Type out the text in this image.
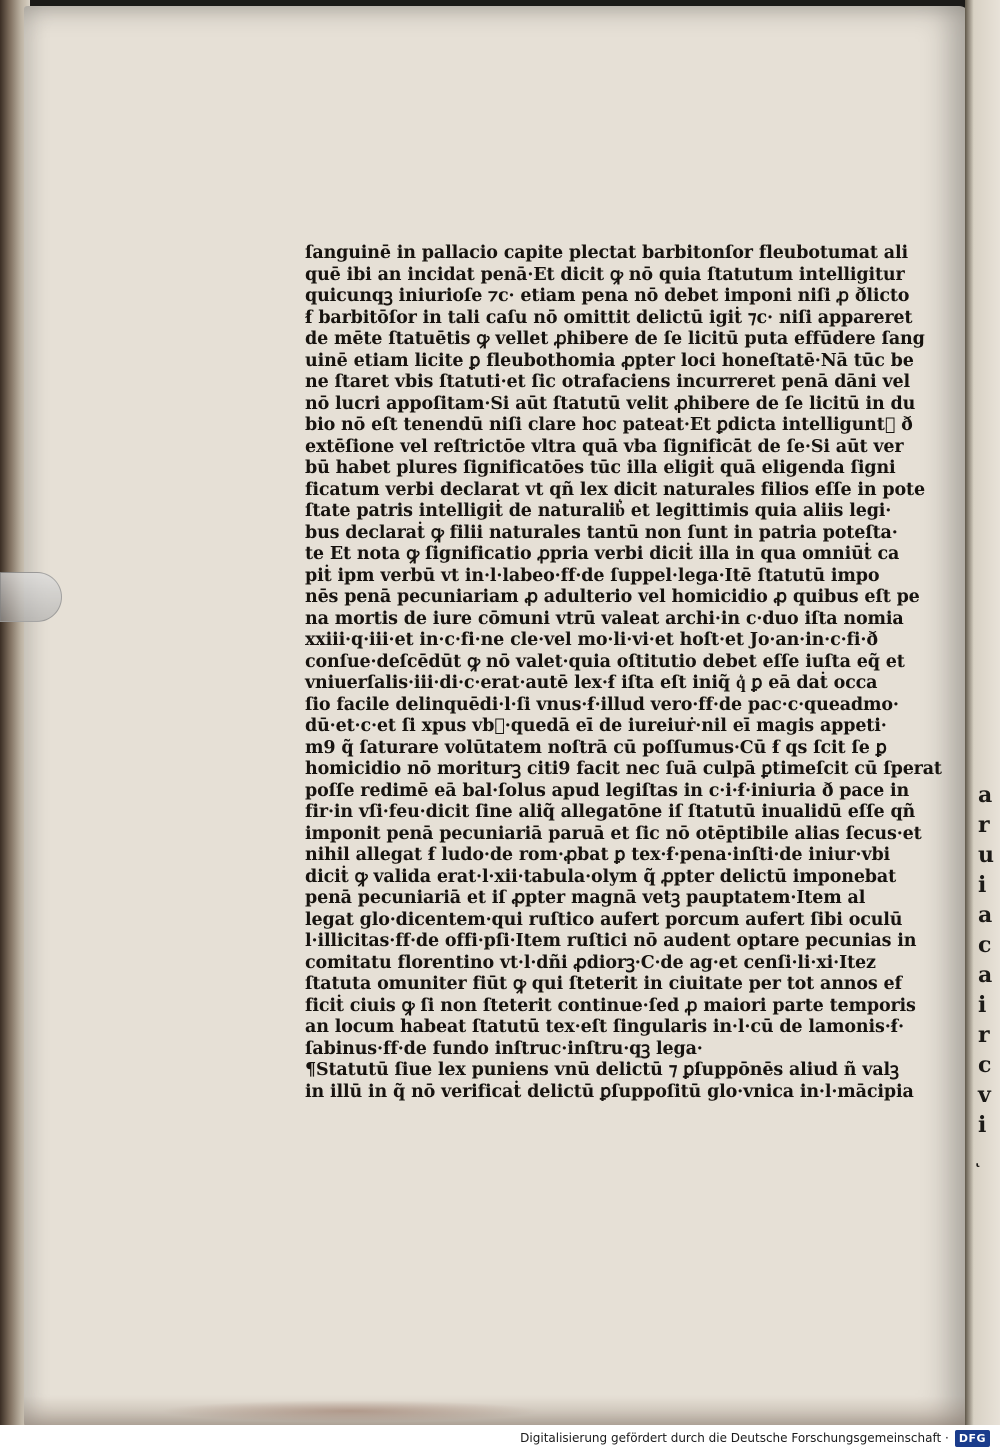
a
r
u
i
a
c
a
i
r
c
v
i
ſanguinē in pallacio capite plectat barbitonſor fleubotumat ali
quē ibi an incidat penā·Et dicit ꝙ nō quia ſtatutum intelligitur
quicunqꝫ iniurioſe ⁊c· etiam pena nō debet imponi niſi ꝓ ðlicto
ẜ barbitōſor in tali caſu nō omittit delictū igiṫ ⁊c· niſi appareret
de mēte ſtatuētis ꝙ vellet ꝓhibere de ſe licitū puta effūdere ſang
uinē etiam licite ꝑ fleubothomia ꝓpter loci honeſtatē·Nā tūc be
ne ſtaret vbis ſtatuti·et ſic otrafaciens incurreret penā dāni vel
nō lucri appoſitam·Si aūt ſtatutū velit ꝓhibere de ſe licitū in du
bio nō eſt tenendū niſi clare hoc pateat·Et ꝑdicta intelliguntᷣ ð
extēſione vel reſtrictōe vltra quā vba ſignificāt de ſe·Si aūt ver
bū habet plures ſignificatōes tūc illa eligiṫ quā eligenda ſigni
ficatum verbi declarat vt qñ lex dicit naturales filios eſſe in pote
ſtate patris intelligiṫ de naturalib͛ et legittimis quia aliis legi·
bus declaraṫ ꝙ filii naturales tantū non ſunt in patria poteſta·
te Et nota ꝙ ſignificatio ꝓpria verbi diciṫ illa in qua omniūṫ ca
piṫ ipm verbū vt in·l·labeo·ff·de ſuppel·lega·Itē ſtatutū impo
nēs penā pecuniariam ꝓ adulterio vel homicidio ꝓ quibus eſt pe
na mortis de iure cōmuni vtrū valeat archi·in c·duo iſta nomia
xxiii·q·iii·et in·c·fi·ne cle·vel mo·li·vi·et hoſt·et Jo·an·in·c·fi·ð
conſue·deſcēdūt ꝙ nō valet·quia oſtitutio debet eſſe iuſta eq̃ et
vniuerſalis·iii·di·c·erat·autē lex·ẜ iſta eſt iniq̃ q͛ ꝑ eā daṫ occa
ſio facile delinquēdi·l·ſi vnus·ẜ·illud vero·ff·de pac·c·queadmo·
dū·et·c·et ſi xpus vbᷣ·quedā eī de iureiuṙ·nil eī magis appeti·
m9 q̃ ſaturare volūtatem noſtrā cū poſſumus·Cū ẜ qs ſcit ſe ꝑ
homicidio nō moriturꝫ citi9 facit nec ſuā culpā ꝑtimeſcit cū ſperat
poſſe redimē eā bal·ſolus apud legiſtas in c·i·ẜ·iniuria ð pace in
fir·in vſi·feu·dicit ſine aliq̃ allegatōne iſ ſtatutū inualidū eſſe qñ
imponit penā pecuniariā paruā et ſic nō otēptibile alias ſecus·et
nihil allegat ẜ ludo·de rom·ꝓbat ꝑ tex·ẜ·pena·inſti·de iniur·vbi
diciṫ ꝙ valida erat·l·xii·tabula·olym q̃ ꝓpter delictū imponebat
penā pecuniariā et iſ ꝓpter magnā vetꝫ pauptatem·Item al
legat glo·dicentem·qui ruſtico aufert porcum aufert ſibi oculū
l·illicitas·ff·de offi·pſi·Item ruſtici nō audent optare pecunias in
comitatu florentino vt·l·dñi ꝓdiorꝫ·C·de ag·et cenſi·li·xi·Itez
ſtatuta omuniter fiūt ꝙ qui ſteterit in ciuitate per tot annos ef
ficiṫ ciuis ꝙ ſi non ſteterit continue·ſed ꝓ maiori parte temporis
an locum habeat ſtatutū tex·eſt ſingularis in·l·cū de lamonis·ẜ·
ſabinus·ff·de fundo inſtruc·inſtru·qꝫ lega·
¶Statutū ſiue lex puniens vnū delictū ⁊ ꝑſuppōnēs aliud ñ valꝫ
in illū in q̃ nō verificaṫ delictū ꝑſuppoſitū glo·vnica in·l·mācipia
Digitalisierung gefördert durch die Deutsche Forschungsgemeinschaft · DFG
